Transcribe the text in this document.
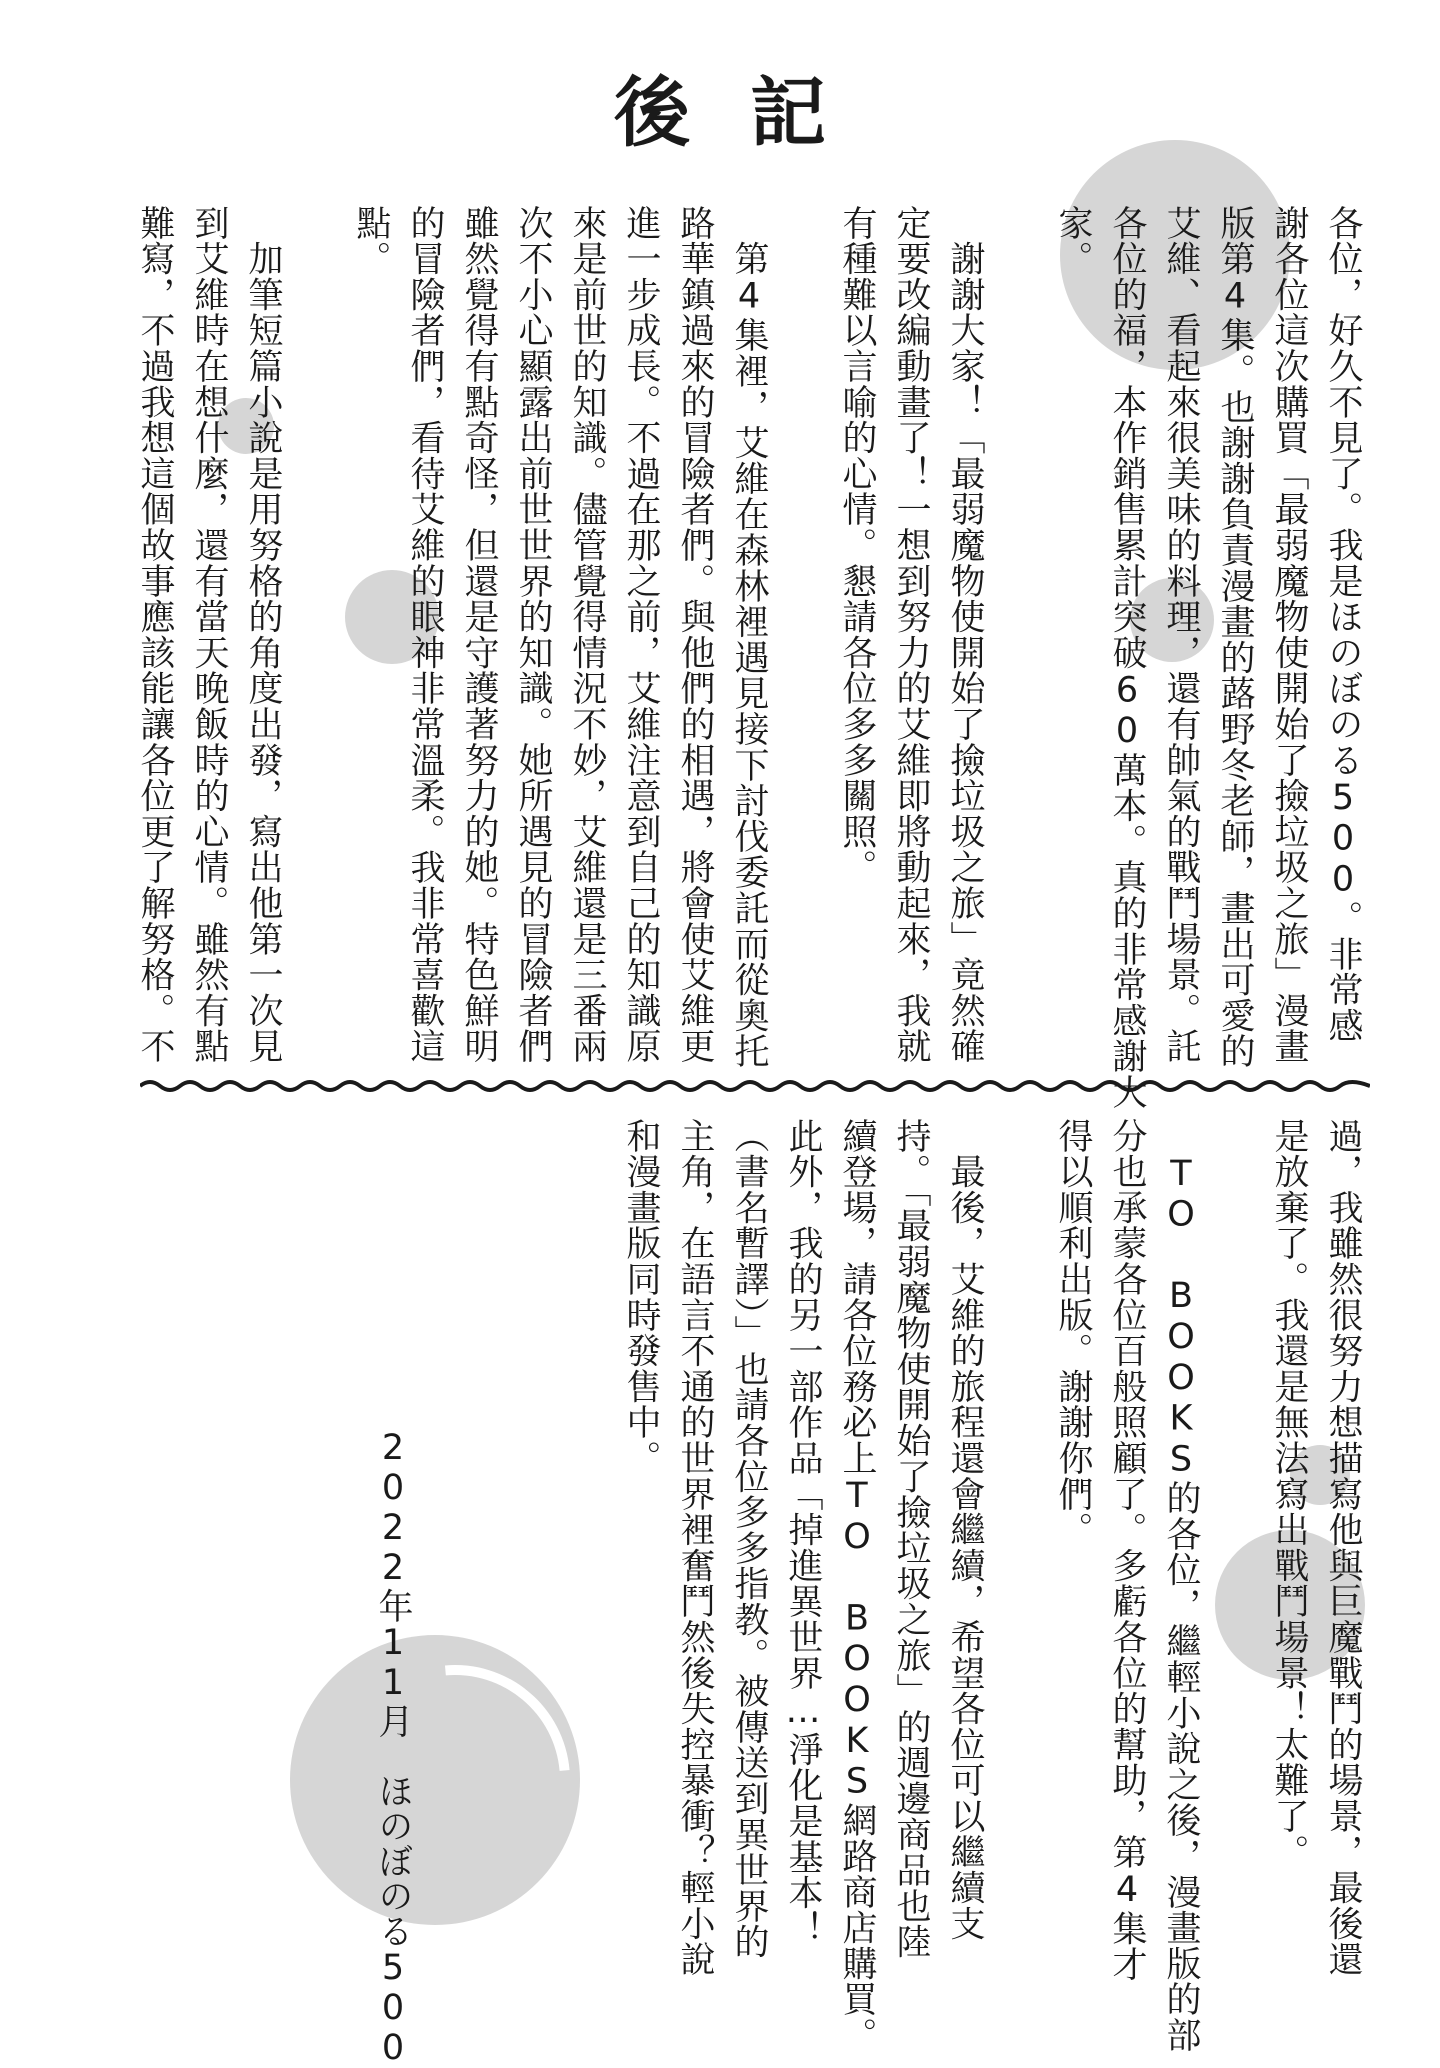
後記
各位，好久不見了。我是ほのぼのる500。非常感
謝各位這次購買「最弱魔物使開始了撿垃圾之旅」漫畫
版第4集。也謝謝負責漫畫的蕗野冬老師，畫出可愛的
艾維、看起來很美味的料理，還有帥氣的戰鬥場景。託
各位的福，本作銷售累計突破60萬本。真的非常感謝大
家。
　謝謝大家！「最弱魔物使開始了撿垃圾之旅」竟然確
定要改編動畫了！一想到努力的艾維即將動起來，我就
有種難以言喻的心情。懇請各位多多關照。
　第4集裡，艾維在森林裡遇見接下討伐委託而從奧托
路華鎮過來的冒險者們。與他們的相遇，將會使艾維更
進一步成長。不過在那之前，艾維注意到自己的知識原
來是前世的知識。儘管覺得情況不妙，艾維還是三番兩
次不小心顯露出前世世界的知識。她所遇見的冒險者們
雖然覺得有點奇怪，但還是守護著努力的她。特色鮮明
的冒險者們，看待艾維的眼神非常溫柔。我非常喜歡這
點。
　加筆短篇小說是用努格的角度出發，寫出他第一次見
到艾維時在想什麼，還有當天晚飯時的心情。雖然有點
難寫，不過我想這個故事應該能讓各位更了解努格。不
過，我雖然很努力想描寫他與巨魔戰鬥的場景，最後還
是放棄了。我還是無法寫出戰鬥場景！太難了。
　TO BOOKS的各位，繼輕小說之後，漫畫版的部
分也承蒙各位百般照顧了。多虧各位的幫助，第4集才
得以順利出版。謝謝你們。
　最後，艾維的旅程還會繼續，希望各位可以繼續支
持。「最弱魔物使開始了撿垃圾之旅」的週邊商品也陸
續登場，請各位務必上TO BOOKS網路商店購買。
此外，我的另一部作品「掉進異世界…淨化是基本！
（書名暫譯）」也請各位多多指教。被傳送到異世界的
主角，在語言不通的世界裡奮鬥然後失控暴衝？輕小說
和漫畫版同時發售中。
2022年11月　ほのぼのる500
